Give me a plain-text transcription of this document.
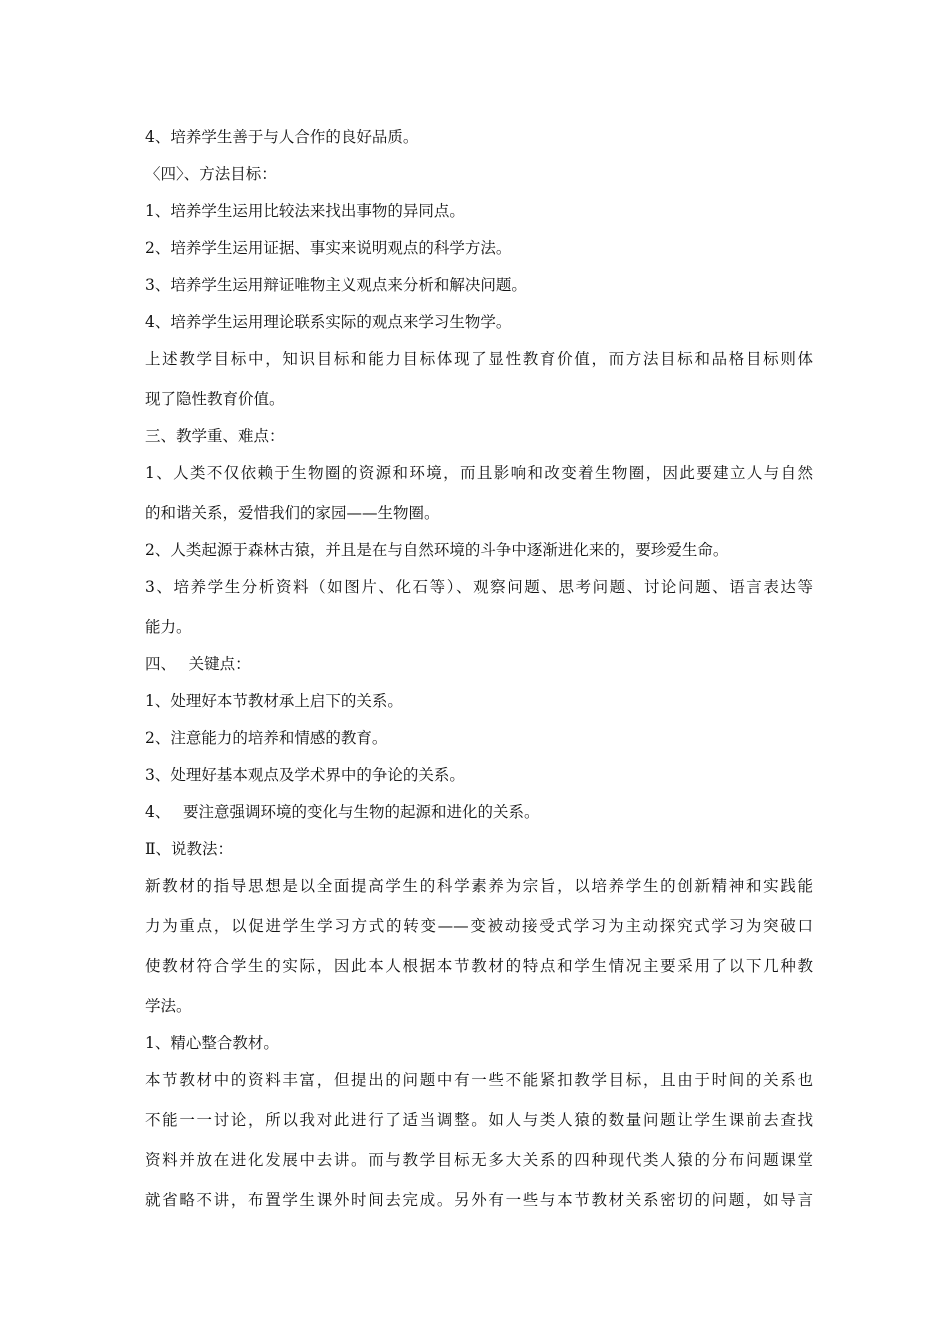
4、培养学生善于与人合作的良好品质。
〈四〉、方法目标：
1、培养学生运用比较法来找出事物的异同点。
2、培养学生运用证据、事实来说明观点的科学方法。
3、培养学生运用辩证唯物主义观点来分析和解决问题。
4、培养学生运用理论联系实际的观点来学习生物学。
上述教学目标中，知识目标和能力目标体现了显性教育价值，而方法目标和品格目标则体
现了隐性教育价值。
三、教学重、难点：
1、人类不仅依赖于生物圈的资源和环境，而且影响和改变着生物圈，因此要建立人与自然
的和谐关系，爱惜我们的家园——生物圈。
2、人类起源于森林古猿，并且是在与自然环境的斗争中逐渐进化来的，要珍爱生命。
3、培养学生分析资料（如图片、化石等）、观察问题、思考问题、讨论问题、语言表达等
能力。
四、　 关键点：
1、处理好本节教材承上启下的关系。
2、注意能力的培养和情感的教育。
3、处理好基本观点及学术界中的争论的关系。
4、　 要注意强调环境的变化与生物的起源和进化的关系。
Ⅱ、说教法：
新教材的指导思想是以全面提高学生的科学素养为宗旨，以培养学生的创新精神和实践能
力为重点，以促进学生学习方式的转变——变被动接受式学习为主动探究式学习为突破口
使教材符合学生的实际，因此本人根据本节教材的特点和学生情况主要采用了以下几种教
学法。
1、精心整合教材。
本节教材中的资料丰富，但提出的问题中有一些不能紧扣教学目标，且由于时间的关系也
不能一一讨论，所以我对此进行了适当调整。如人与类人猿的数量问题让学生课前去查找
资料并放在进化发展中去讲。而与教学目标无多大关系的四种现代类人猿的分布问题课堂
就省略不讲，布置学生课外时间去完成。另外有一些与本节教材关系密切的问题，如导言
